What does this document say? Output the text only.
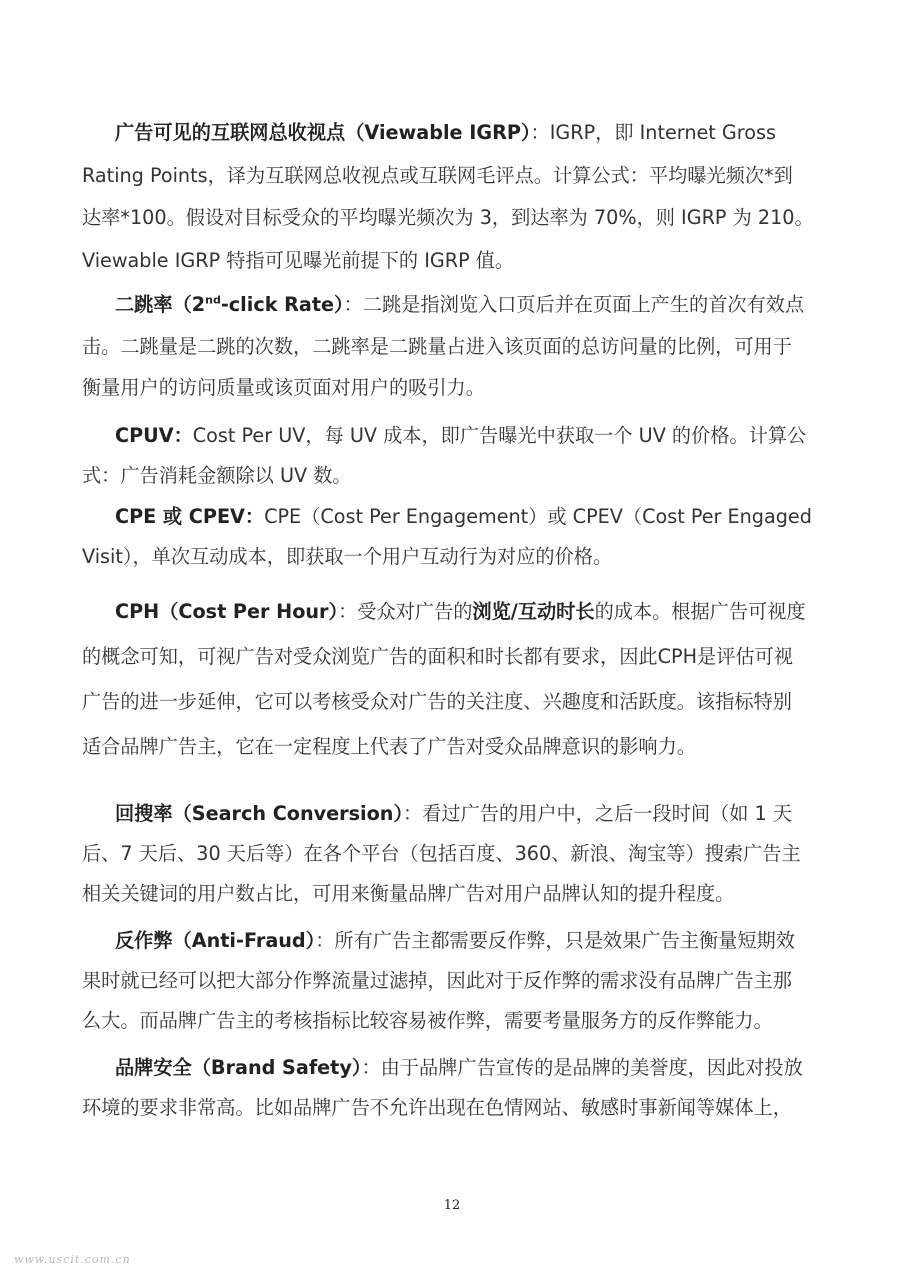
广告可见的互联网总收视点（Viewable IGRP）：IGRP，即 Internet Gross
Rating Points，译为互联网总收视点或互联网毛评点。计算公式：平均曝光频次*到
达率*100。假设对目标受众的平均曝光频次为 3，到达率为 70%，则 IGRP 为 210。
Viewable IGRP 特指可见曝光前提下的 IGRP 值。
二跳率（2nd-click Rate）：二跳是指浏览入口页后并在页面上产生的首次有效点
击。二跳量是二跳的次数，二跳率是二跳量占进入该页面的总访问量的比例，可用于
衡量用户的访问质量或该页面对用户的吸引力。
CPUV：Cost Per UV，每 UV 成本，即广告曝光中获取一个 UV 的价格。计算公
式：广告消耗金额除以 UV 数。
CPE 或 CPEV：CPE（Cost Per Engagement）或 CPEV（Cost Per Engaged
Visit），单次互动成本，即获取一个用户互动行为对应的价格。
CPH（Cost Per Hour）：受众对广告的浏览/互动时长的成本。根据广告可视度
的概念可知，可视广告对受众浏览广告的面积和时长都有要求，因此CPH是评估可视
广告的进一步延伸，它可以考核受众对广告的关注度、兴趣度和活跃度。该指标特别
适合品牌广告主，它在一定程度上代表了广告对受众品牌意识的影响力。
回搜率（Search Conversion）：看过广告的用户中，之后一段时间（如 1 天
后、7 天后、30 天后等）在各个平台（包括百度、360、新浪、淘宝等）搜索广告主
相关关键词的用户数占比，可用来衡量品牌广告对用户品牌认知的提升程度。
反作弊（Anti-Fraud）：所有广告主都需要反作弊，只是效果广告主衡量短期效
果时就已经可以把大部分作弊流量过滤掉，因此对于反作弊的需求没有品牌广告主那
么大。而品牌广告主的考核指标比较容易被作弊，需要考量服务方的反作弊能力。
品牌安全（Brand Safety）：由于品牌广告宣传的是品牌的美誉度，因此对投放
环境的要求非常高。比如品牌广告不允许出现在色情网站、敏感时事新闻等媒体上，
12
www.uscit.com.cn
